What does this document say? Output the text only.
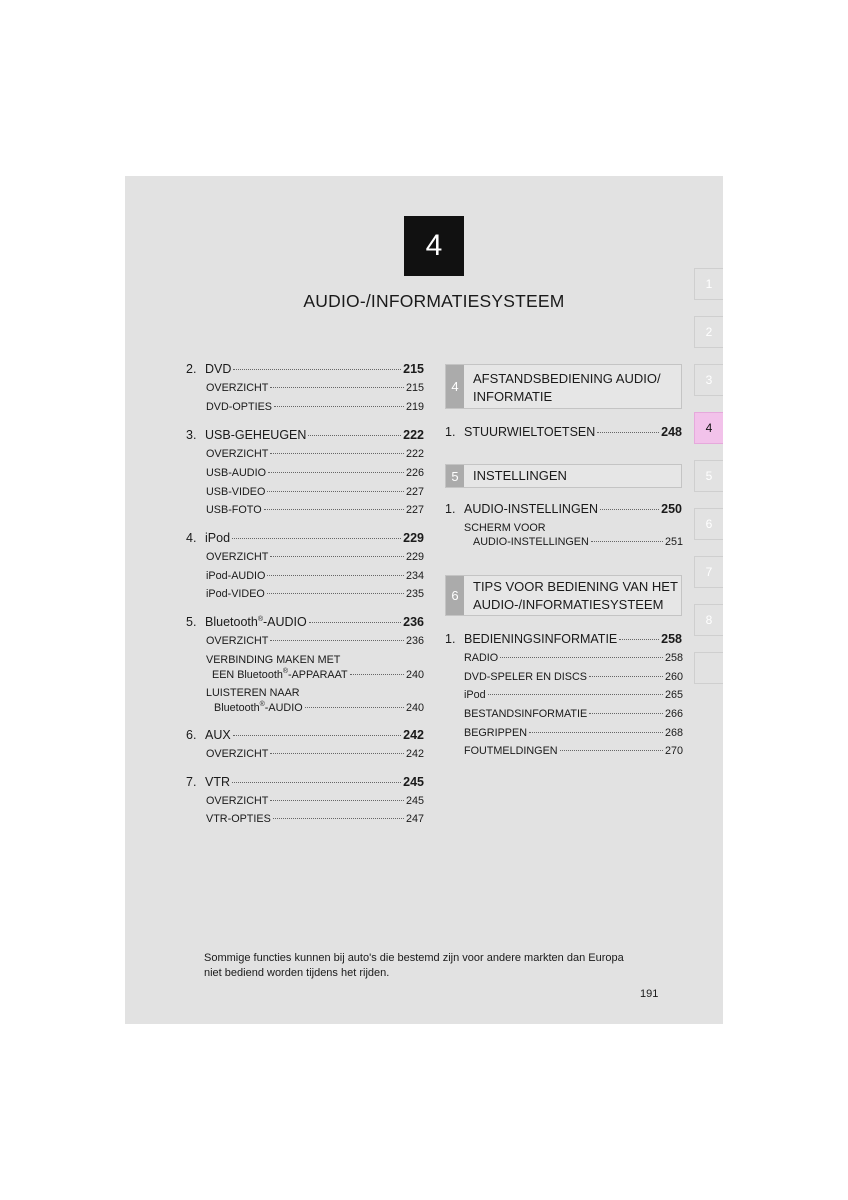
4
AUDIO-/INFORMATIESYSTEEM
1
2
3
4
5
6
7
8
2. DVD	215
OVERZICHT	215
DVD-OPTIES	219
3. USB-GEHEUGEN	222
OVERZICHT	222
USB-AUDIO	226
USB-VIDEO	227
USB-FOTO	227
4. iPod	229
OVERZICHT	229
iPod-AUDIO	234
iPod-VIDEO	235
5. Bluetooth®-AUDIO	236
OVERZICHT	236
VERBINDING MAKEN MET
EEN Bluetooth®-APPARAAT	240
LUISTEREN NAAR
Bluetooth®-AUDIO	240
6. AUX	242
OVERZICHT	242
7. VTR	245
OVERZICHT	245
VTR-OPTIES	247
4
AFSTANDSBEDIENING AUDIO/
INFORMATIE
1. STUURWIELTOETSEN	248
5	INSTELLINGEN
1. AUDIO-INSTELLINGEN	250
SCHERM VOOR
AUDIO-INSTELLINGEN	251
6
TIPS VOOR BEDIENING VAN HET
AUDIO-/INFORMATIESYSTEEM
1. BEDIENINGSINFORMATIE	258
RADIO	258
DVD-SPELER EN DISCS	260
iPod	265
BESTANDSINFORMATIE	266
BEGRIPPEN	268
FOUTMELDINGEN	270
Sommige functies kunnen bij auto's die bestemd zijn voor andere markten dan Europa
niet bediend worden tijdens het rijden.
191
